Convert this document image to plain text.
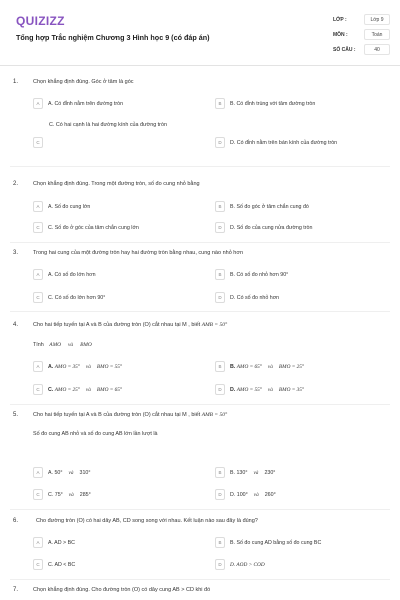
QUIZIZZ
Tổng hợp Trắc nghiệm Chương 3 Hình học 9 (có đáp án)
LỚP :	Lớp 9
MÔN :	Toán
SỐ CÂU :	40
1.	Chọn khẳng định đúng. Góc ở tâm là góc
A	A. Có đỉnh nằm trên đường tròn	B	B. Có đỉnh trùng với tâm đường tròn
C. Có hai cạnh là hai đường kính của đường tròn
C	D	D. Có đỉnh nằm trên bán kính của đường tròn
2.	Chọn khẳng định đúng. Trong một đường tròn, số đo cung nhỏ bằng
A	A. Số đo cung lớn	B	B. Số đo góc ở tâm chắn cung đó
C	C. Số đo ở góc của tâm chắn cung lớn	D	D. Số đo của cung nửa đường tròn
3.	Trong hai cung của một đường tròn hay hai đường tròn bằng nhau, cung nào nhỏ hơn
A	A. Có số đo lớn hơn	B	B. Có số đo nhỏ hơn 90°
C	C. Có số đo lớn hơn 90°	D	D. Có số đo nhỏ hơn
4.	Cho hai tiếp tuyến tại A và B của đường tròn (O) cắt nhau tại M , biết AMB = 50°
Tính AMO và BMO
A	A. AMO = 35° và BMO = 55°	B	B. AMO = 65° và BMO = 25°
C	C. AMO = 25° và BMO = 65°	D	D. AMO = 55° và BMO = 35°
5.	Cho hai tiếp tuyến tại A và B của đường tròn (O) cắt nhau tại M , biết AMB = 50°
Số đo cung AB nhỏ và số đo cung AB lớn lần lượt là
A	A. 50° và 310°	B	B. 130° và 230°
C	C. 75° và 285°	D	D. 100° và 260°
6.	Cho đường tròn (O) có hai dây AB, CD song song với nhau. Kết luận nào sau đây là đúng?
A	A. AD > BC	B	B. Số đo cung AD bằng số đo cung BC
C	C. AD < BC	D	D. AOD > COD
7.	Chọn khẳng định đúng. Cho đường tròn (O) có dây cung AB > CD khi đó
